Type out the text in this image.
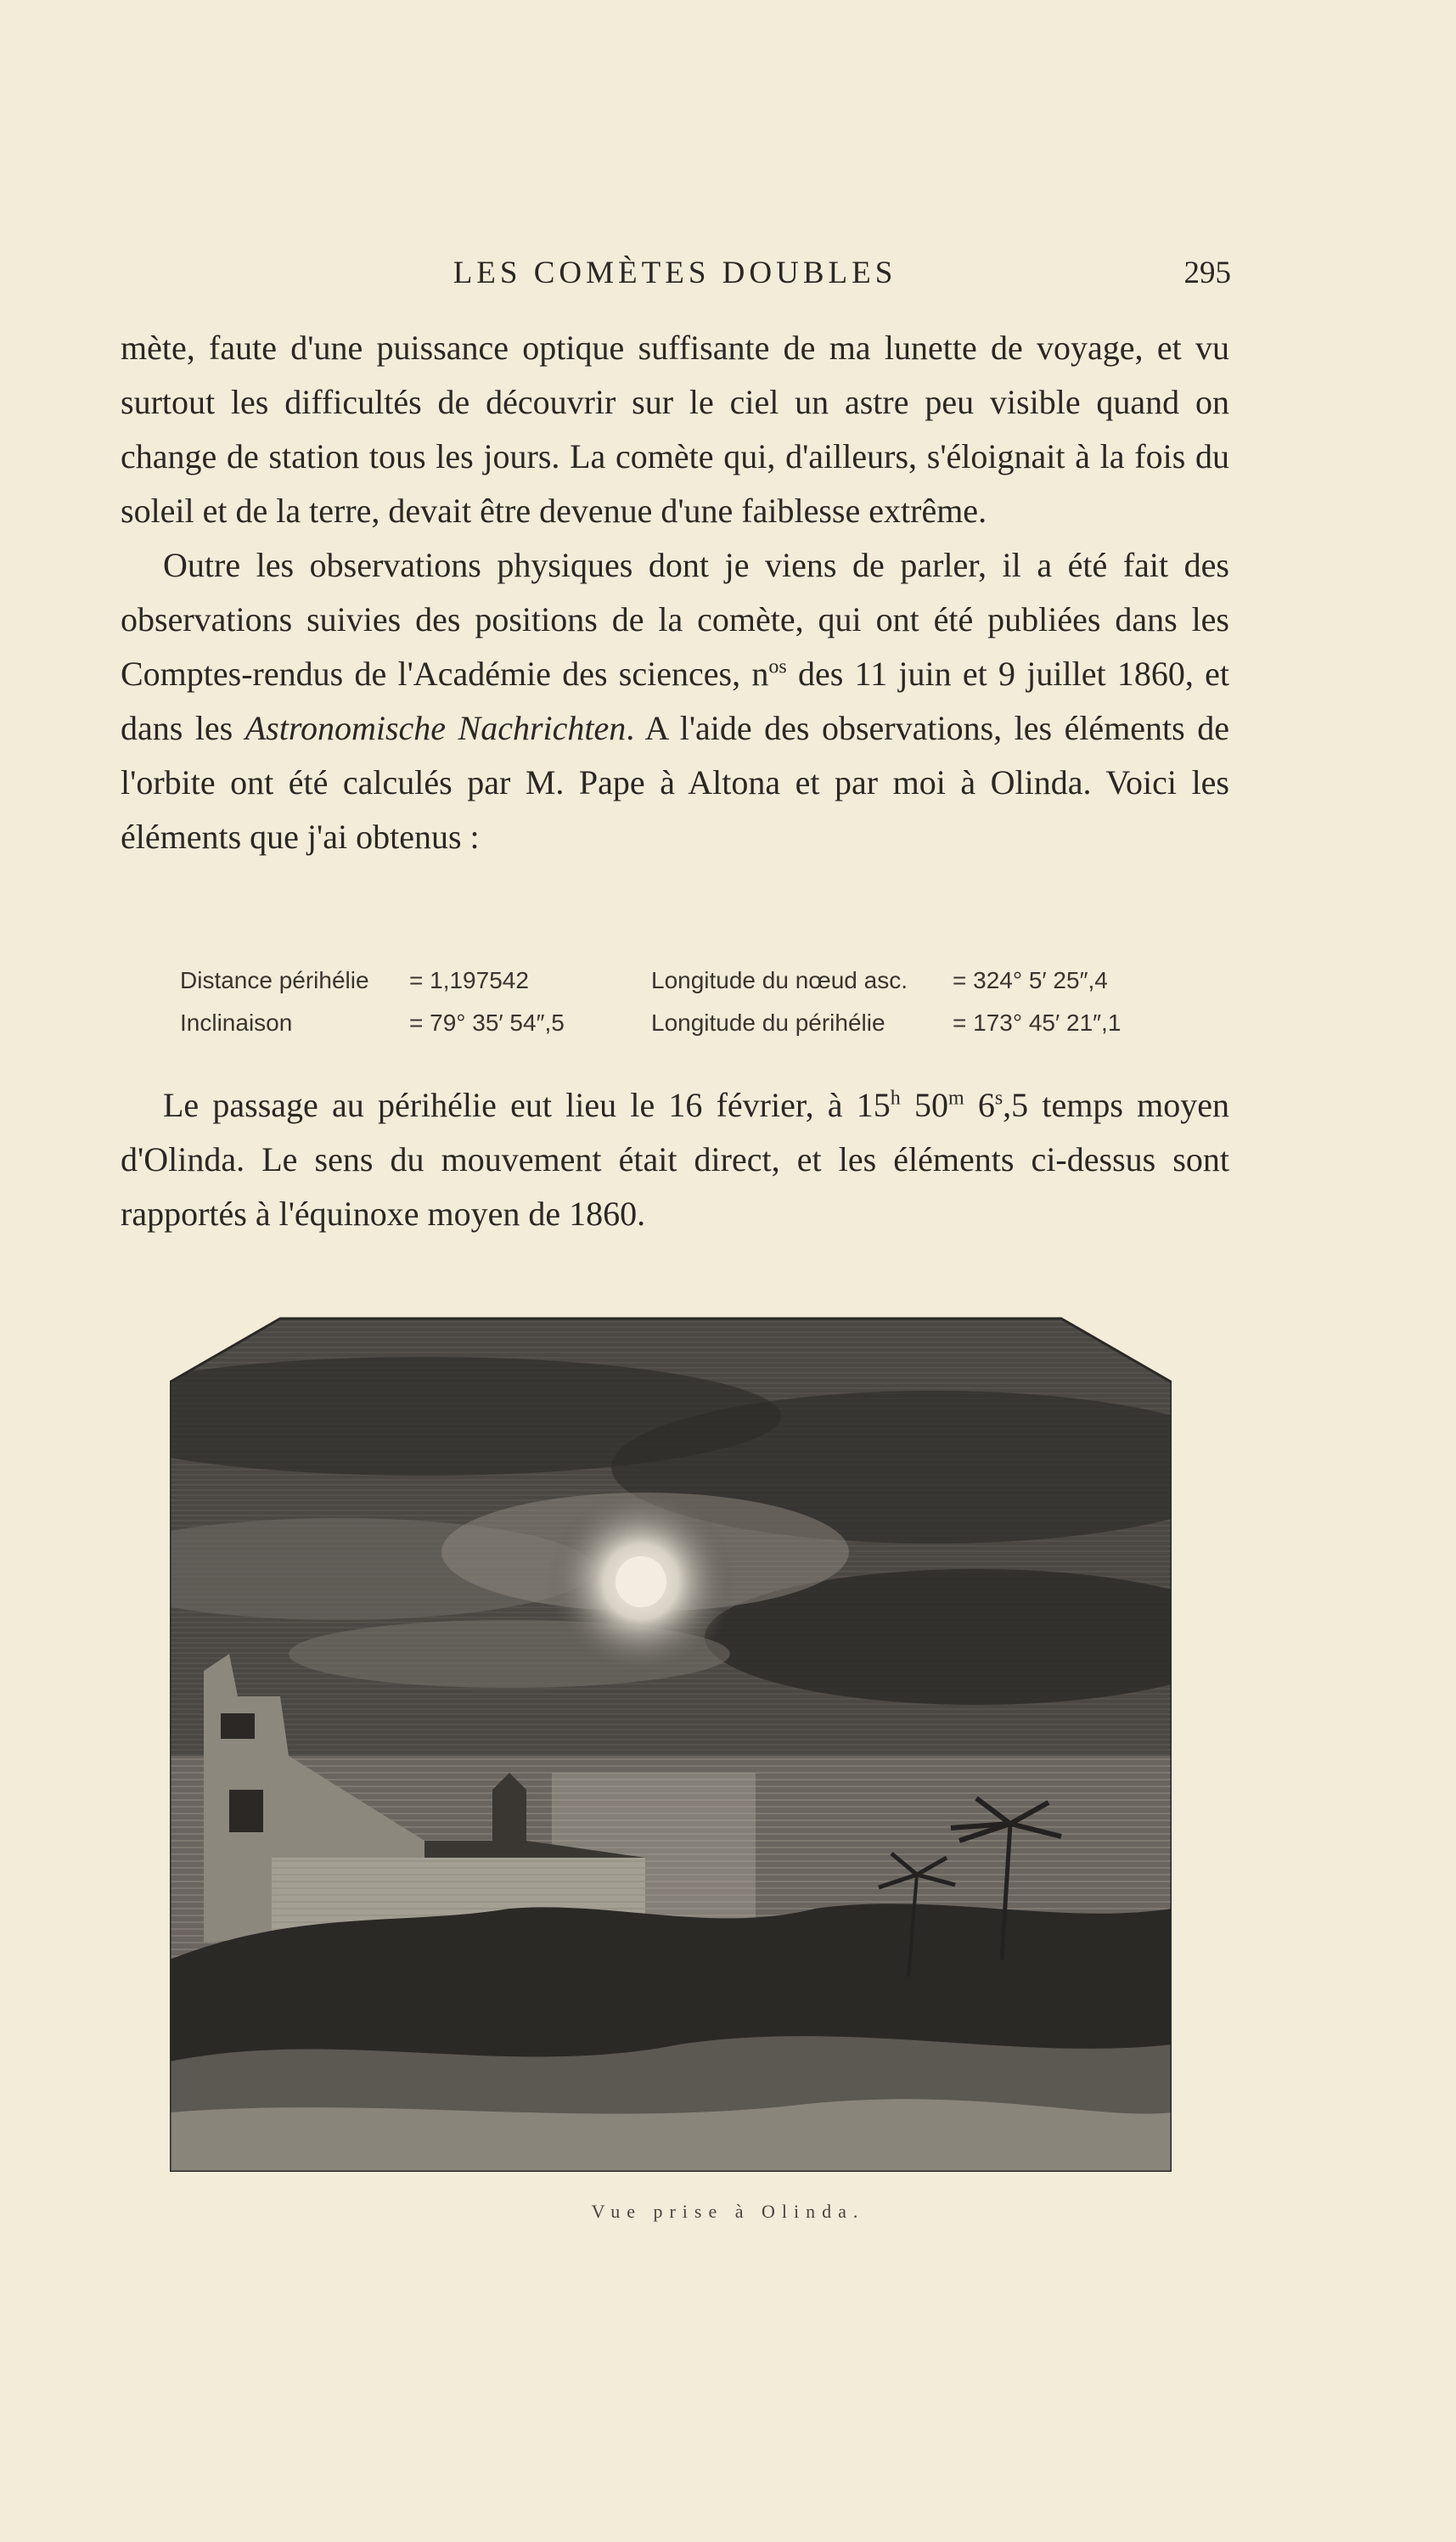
LES COMÈTES DOUBLES	295

mète, faute d'une puissance optique suffisante de ma lunette de voyage, et vu surtout les difficultés de découvrir sur le ciel un astre peu visible quand on change de station tous les jours. La comète qui, d'ailleurs, s'éloignait à la fois du soleil et de la terre, devait être devenue d'une faiblesse extrême.

Outre les observations physiques dont je viens de parler, il a été fait des observations suivies des positions de la comète, qui ont été publiées dans les Comptes-rendus de l'Académie des sciences, $n^{os}$ des 11 juin et 9 juillet 1860, et dans les Astronomische Nachrichten. A l'aide des observations, les éléments de l'orbite ont été calculés par M. Pape à Altona et par moi à Olinda. Voici les éléments que j'ai obtenus :

Distance périhélie	= 1,197542	Longitude du nœud asc.	= 324° 5′ 25″,4
Inclinaison	= 79° 35′ 54″,5	Longitude du périhélie	= 173° 45′ 21″,1

Le passage au périhélie eut lieu le 16 février, à 15$^h$ 50$^m$ 6$^s$,5 temps moyen d'Olinda. Le sens du mouvement était direct, et les éléments ci-dessus sont rapportés à l'équinoxe moyen de 1860.

Vue prise à Olinda.
